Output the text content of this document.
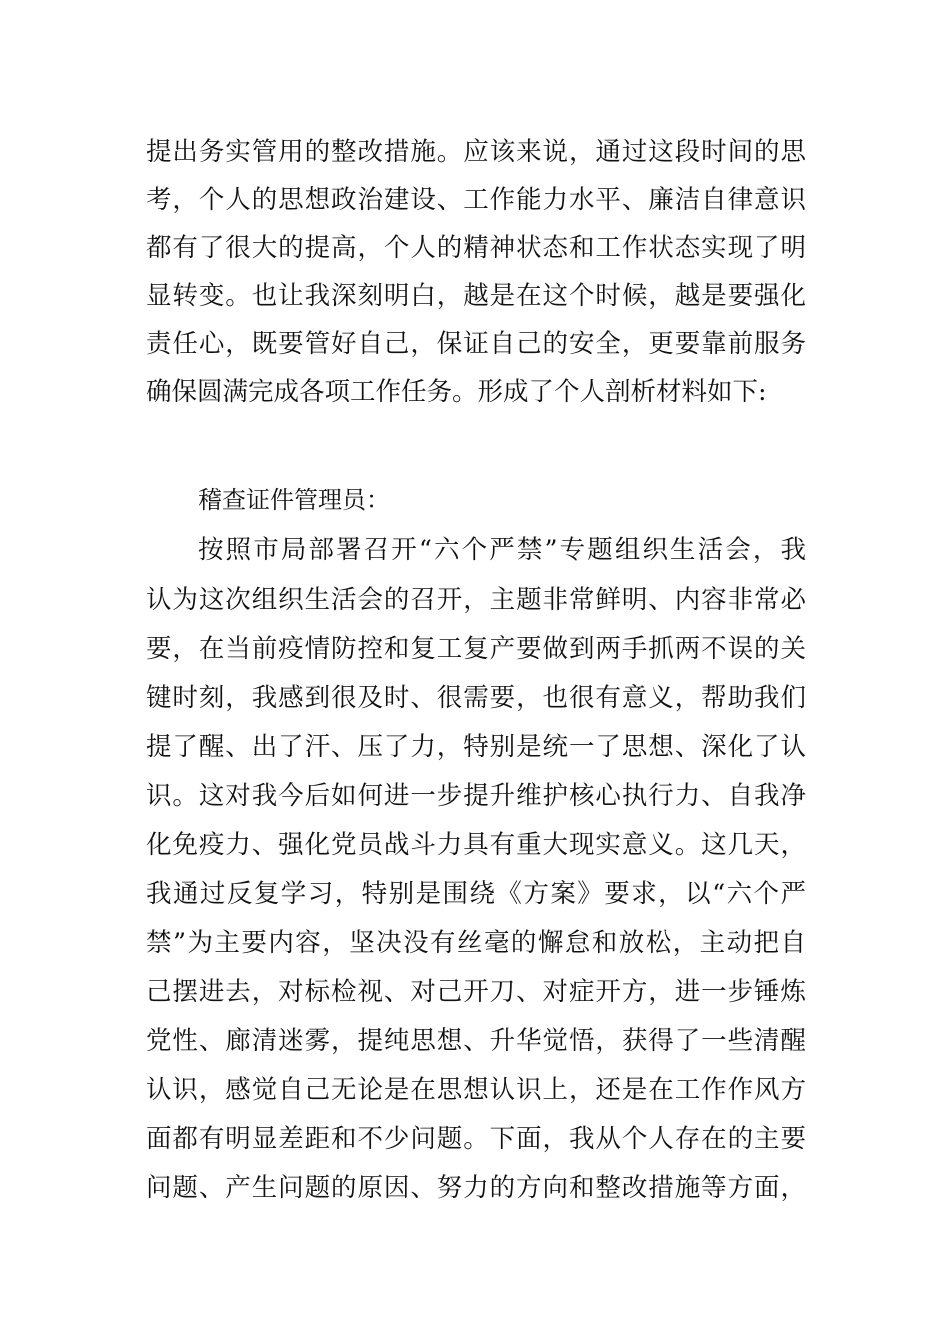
提出务实管用的整改措施。应该来说，通过这段时间的思
考，个人的思想政治建设、工作能力水平、廉洁自律意识
都有了很大的提高，个人的精神状态和工作状态实现了明
显转变。也让我深刻明白，越是在这个时候，越是要强化
责任心，既要管好自己，保证自己的安全，更要靠前服务
确保圆满完成各项工作任务。形成了个人剖析材料如下:
稽查证件管理员：
按照市局部署召开“六个严禁”专题组织生活会，我
认为这次组织生活会的召开，主题非常鲜明、内容非常必
要，在当前疫情防控和复工复产要做到两手抓两不误的关
键时刻，我感到很及时、很需要，也很有意义，帮助我们
提了醒、出了汗、压了力，特别是统一了思想、深化了认
识。这对我今后如何进一步提升维护核心执行力、自我净
化免疫力、强化党员战斗力具有重大现实意义。这几天，
我通过反复学习，特别是围绕《方案》要求，以“六个严
禁”为主要内容，坚决没有丝毫的懈怠和放松，主动把自
己摆进去，对标检视、对己开刀、对症开方，进一步锤炼
党性、廊清迷雾，提纯思想、升华觉悟，获得了一些清醒
认识，感觉自己无论是在思想认识上，还是在工作作风方
面都有明显差距和不少问题。下面，我从个人存在的主要
问题、产生问题的原因、努力的方向和整改措施等方面，
